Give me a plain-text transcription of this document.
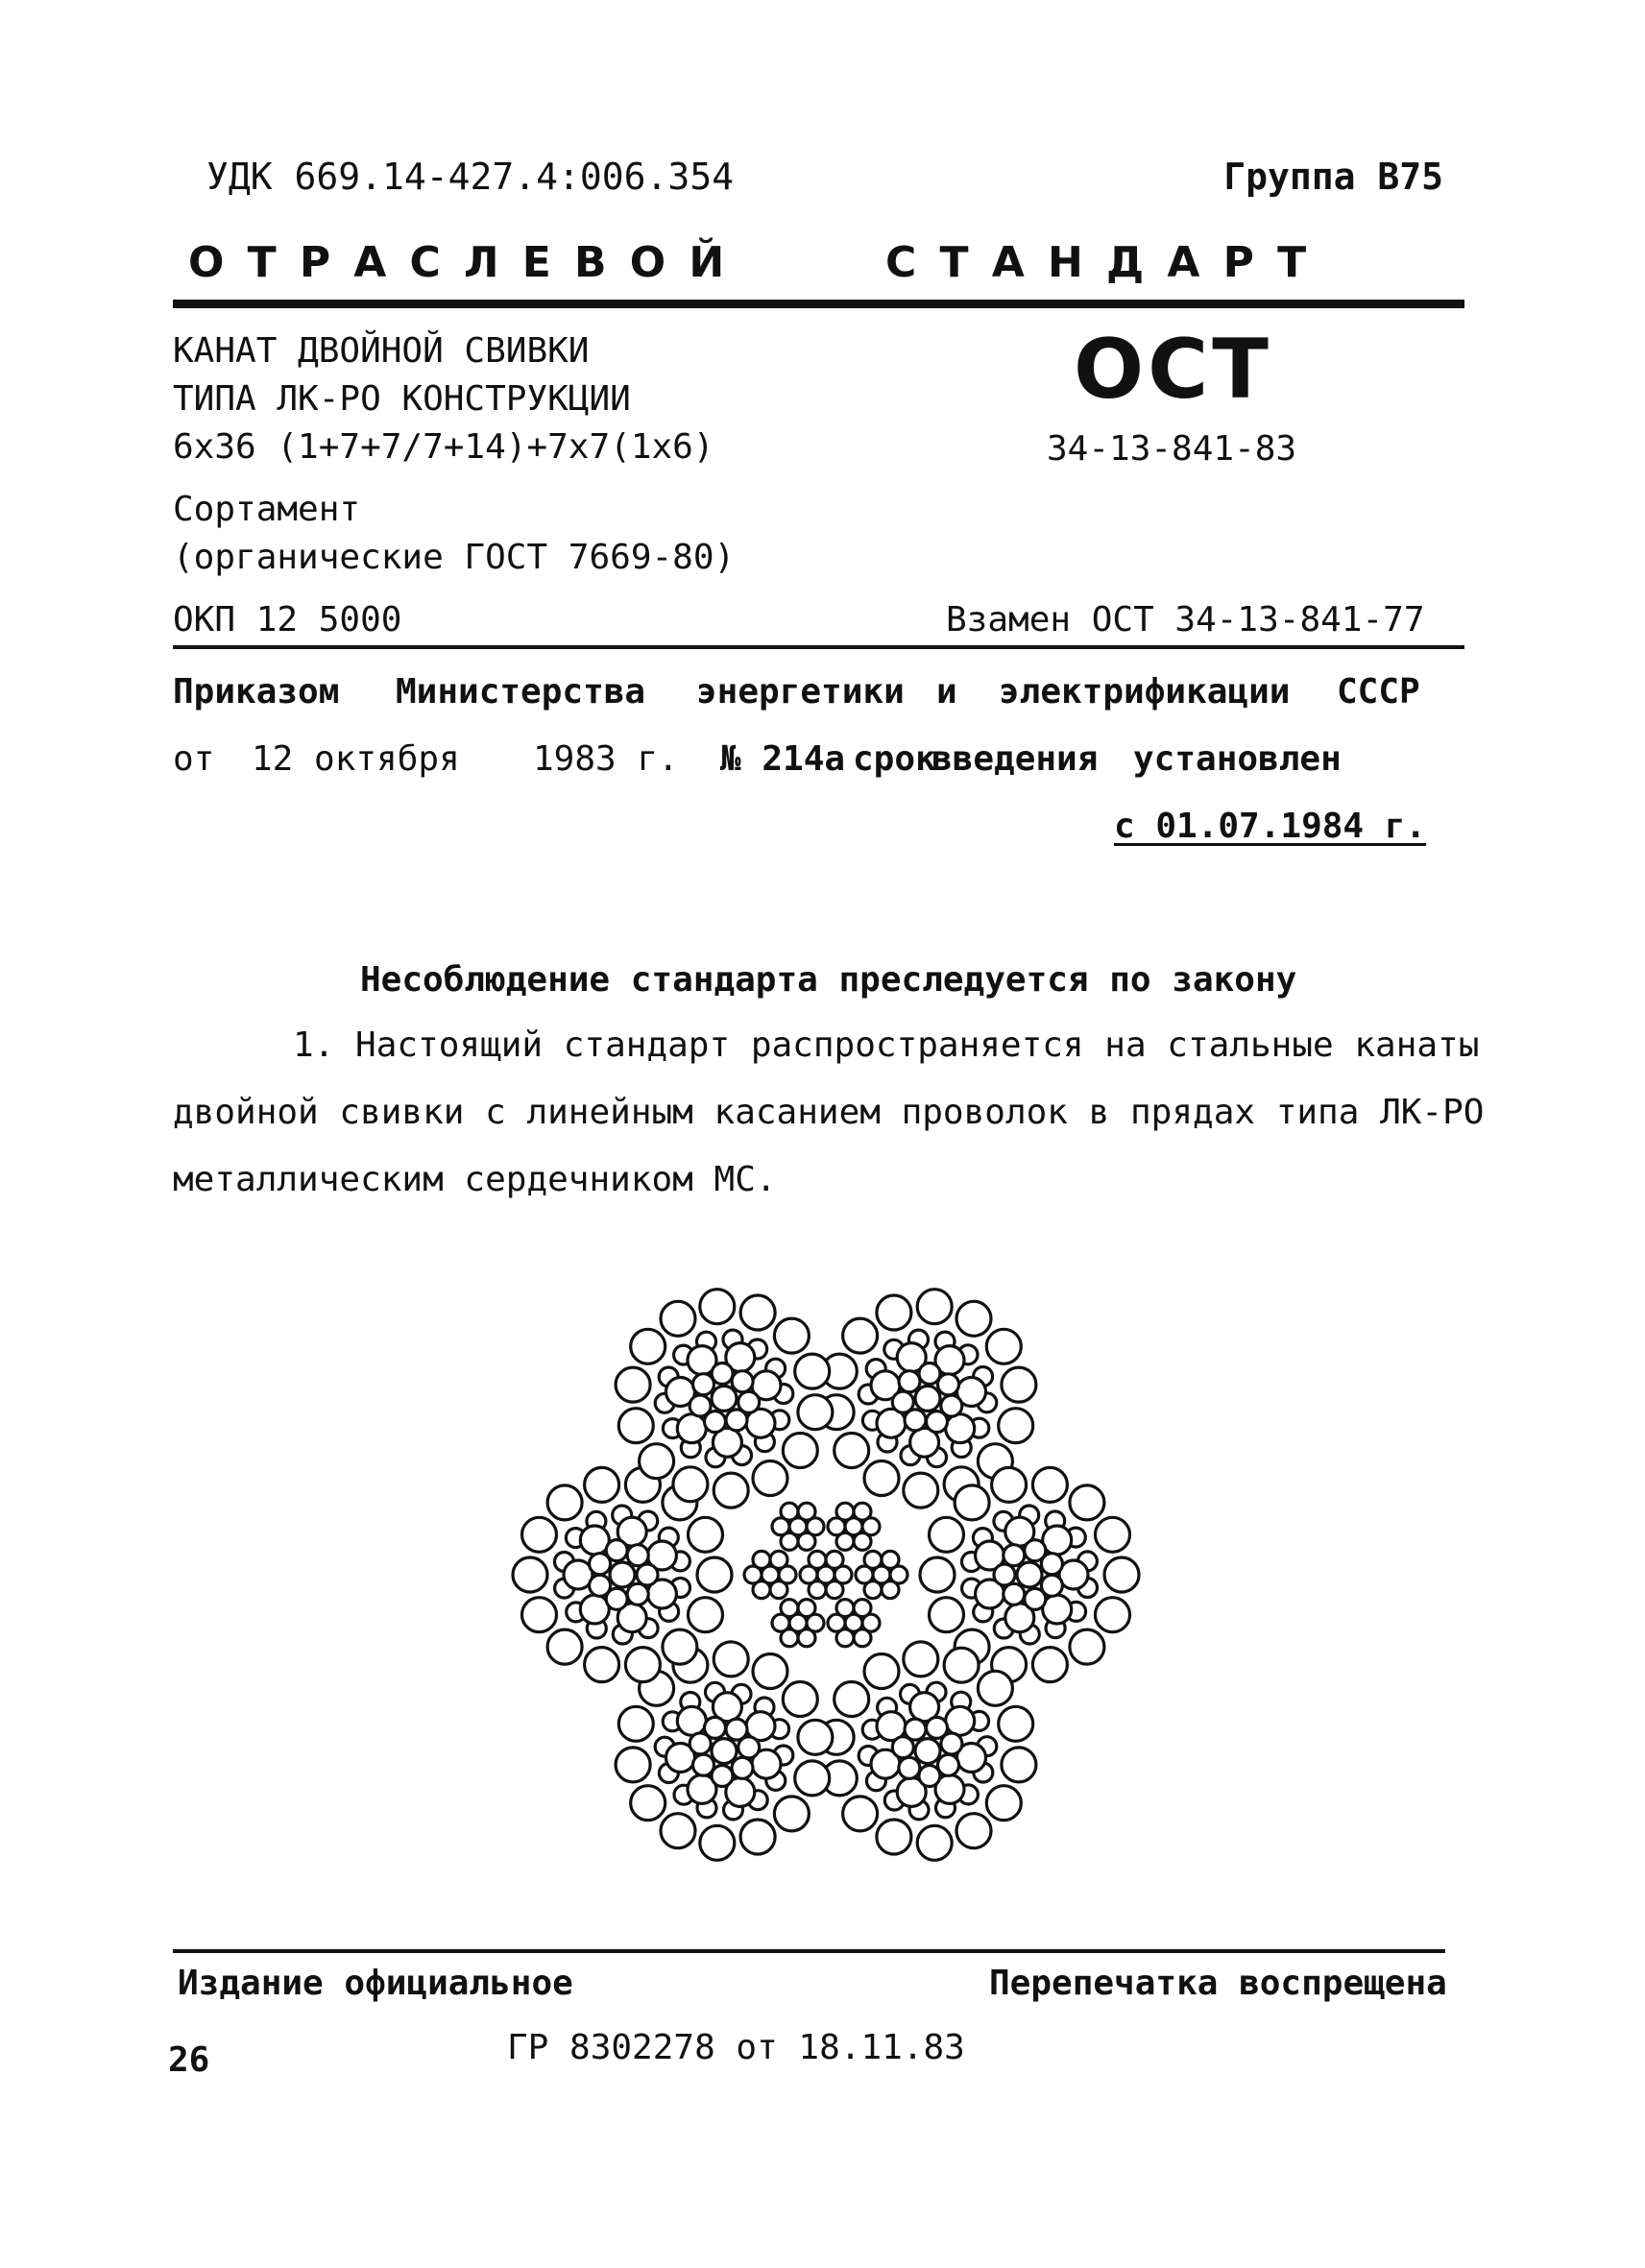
УДК 669.14-427.4:006.354	Группа В75
ОТРАСЛЕВОЙ	СТАНДАРТ
КАНАТ ДВОЙНОЙ СВИВКИ
ТИПА ЛК-РО КОНСТРУКЦИИ
6х36 (1+7+7/7+14)+7х7(1х6)
Сортамент
(органические ГОСТ 7669-80)
ОСТ
34-13-841-83
ОКП 12 5000	Взамен ОСТ 34-13-841-77
Приказом Министерства энергетики и электрификации СССР
от 12 октября 1983 г. № 214а срок
введения установлен
с 01.07.1984 г.
Несоблюдение стандарта преследуется по закону
1. Настоящий стандарт распространяется на стальные канаты
двойной свивки с линейным касанием проволок в прядах типа ЛК-РО
металлическим сердечником МС.
Издание официальное	Перепечатка воспрещена
26	ГР 8302278 от 18.11.83
